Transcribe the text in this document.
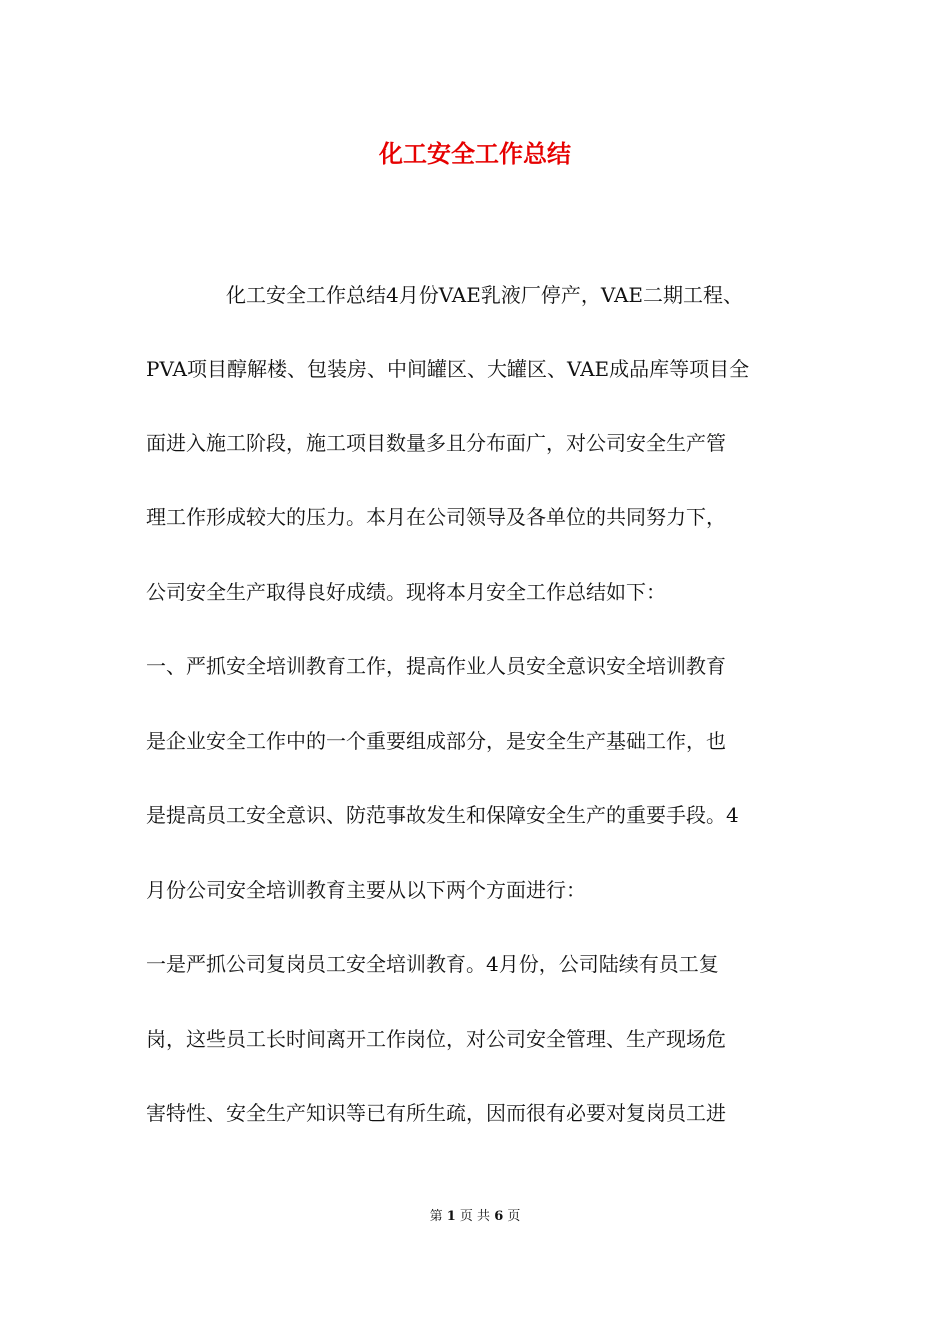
化工安全工作总结

　　　　化工安全工作总结4月份VAE乳液厂停产，VAE二期工程、

PVA项目醇解楼、包装房、中间罐区、大罐区、VAE成品库等项目全

面进入施工阶段，施工项目数量多且分布面广，对公司安全生产管

理工作形成较大的压力。本月在公司领导及各单位的共同努力下，

公司安全生产取得良好成绩。现将本月安全工作总结如下：

一、严抓安全培训教育工作，提高作业人员安全意识安全培训教育

是企业安全工作中的一个重要组成部分，是安全生产基础工作，也

是提高员工安全意识、防范事故发生和保障安全生产的重要手段。4

月份公司安全培训教育主要从以下两个方面进行：

一是严抓公司复岗员工安全培训教育。4月份，公司陆续有员工复

岗，这些员工长时间离开工作岗位，对公司安全管理、生产现场危

害特性、安全生产知识等已有所生疏，因而很有必要对复岗员工进

第 1 页 共 6 页
